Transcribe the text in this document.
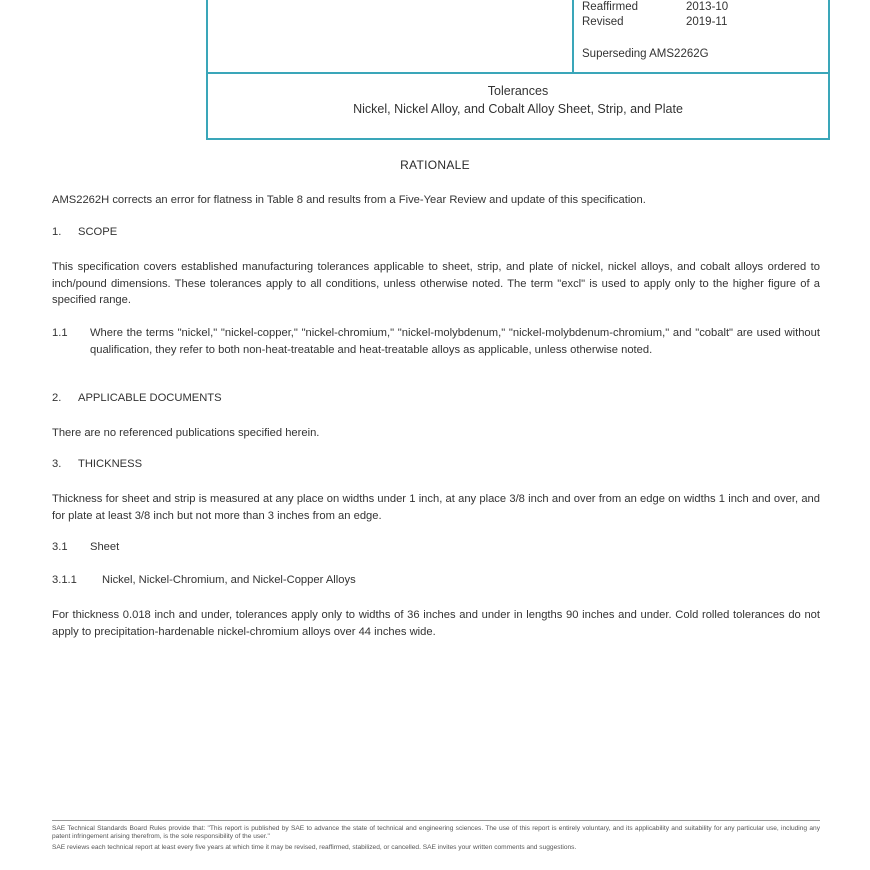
Reaffirmed	2013-10
Revised	2019-11
Superseding AMS2262G
Tolerances
Nickel, Nickel Alloy, and Cobalt Alloy Sheet, Strip, and Plate
RATIONALE
AMS2262H corrects an error for flatness in Table 8 and results from a Five-Year Review and update of this specification.
1. SCOPE
This specification covers established manufacturing tolerances applicable to sheet, strip, and plate of nickel, nickel alloys, and cobalt alloys ordered to inch/pound dimensions. These tolerances apply to all conditions, unless otherwise noted. The term "excl" is used to apply only to the higher figure of a specified range.
1.1 Where the terms "nickel," "nickel-copper," "nickel-chromium," "nickel-molybdenum," "nickel-molybdenum-chromium," and "cobalt" are used without qualification, they refer to both non-heat-treatable and heat-treatable alloys as applicable, unless otherwise noted.
2. APPLICABLE DOCUMENTS
There are no referenced publications specified herein.
3. THICKNESS
Thickness for sheet and strip is measured at any place on widths under 1 inch, at any place 3/8 inch and over from an edge on widths 1 inch and over, and for plate at least 3/8 inch but not more than 3 inches from an edge.
3.1 Sheet
3.1.1 Nickel, Nickel-Chromium, and Nickel-Copper Alloys
For thickness 0.018 inch and under, tolerances apply only to widths of 36 inches and under in lengths 90 inches and under. Cold rolled tolerances do not apply to precipitation-hardenable nickel-chromium alloys over 44 inches wide.

SAE Technical Standards Board Rules provide that: "This report is published by SAE to advance the state of technical and engineering sciences. The use of this report is entirely voluntary, and its applicability and suitability for any particular use, including any patent infringement arising therefrom, is the sole responsibility of the user."

SAE reviews each technical report at least every five years at which time it may be revised, reaffirmed, stabilized, or cancelled. SAE invites your written comments and suggestions.
